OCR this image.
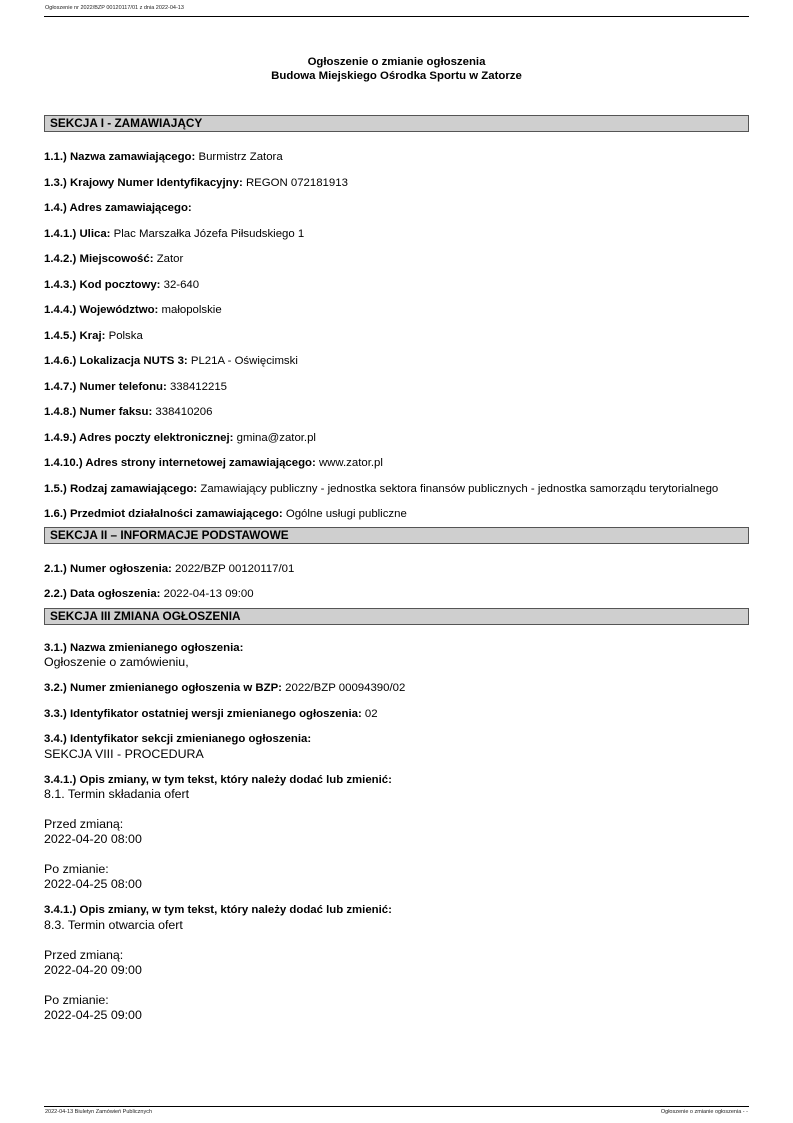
Ogłoszenie nr 2022/BZP 00120117/01 z dnia 2022-04-13
Ogłoszenie o zmianie ogłoszenia
Budowa Miejskiego Ośrodka Sportu w Zatorze
SEKCJA I - ZAMAWIAJĄCY
1.1.) Nazwa zamawiającego: Burmistrz Zatora
1.3.) Krajowy Numer Identyfikacyjny: REGON 072181913
1.4.) Adres zamawiającego:
1.4.1.) Ulica: Plac Marszałka Józefa Piłsudskiego 1
1.4.2.) Miejscowość: Zator
1.4.3.) Kod pocztowy: 32-640
1.4.4.) Województwo: małopolskie
1.4.5.) Kraj: Polska
1.4.6.) Lokalizacja NUTS 3: PL21A - Oświęcimski
1.4.7.) Numer telefonu: 338412215
1.4.8.) Numer faksu: 338410206
1.4.9.) Adres poczty elektronicznej: gmina@zator.pl
1.4.10.) Adres strony internetowej zamawiającego: www.zator.pl
1.5.) Rodzaj zamawiającego: Zamawiający publiczny - jednostka sektora finansów publicznych - jednostka samorządu terytorialnego
1.6.) Przedmiot działalności zamawiającego: Ogólne usługi publiczne
SEKCJA II – INFORMACJE PODSTAWOWE
2.1.) Numer ogłoszenia: 2022/BZP 00120117/01
2.2.) Data ogłoszenia: 2022-04-13 09:00
SEKCJA III ZMIANA OGŁOSZENIA
3.1.) Nazwa zmienianego ogłoszenia:
Ogłoszenie o zamówieniu,
3.2.) Numer zmienianego ogłoszenia w BZP: 2022/BZP 00094390/02
3.3.) Identyfikator ostatniej wersji zmienianego ogłoszenia: 02
3.4.) Identyfikator sekcji zmienianego ogłoszenia:
SEKCJA VIII - PROCEDURA
3.4.1.) Opis zmiany, w tym tekst, który należy dodać lub zmienić:
8.1. Termin składania ofert
Przed zmianą:
2022-04-20 08:00
Po zmianie:
2022-04-25 08:00
3.4.1.) Opis zmiany, w tym tekst, który należy dodać lub zmienić:
8.3. Termin otwarcia ofert
Przed zmianą:
2022-04-20 09:00
Po zmianie:
2022-04-25 09:00
2022-04-13 Biuletyn Zamówień Publicznych	Ogłoszenie o zmianie ogłoszenia - -
